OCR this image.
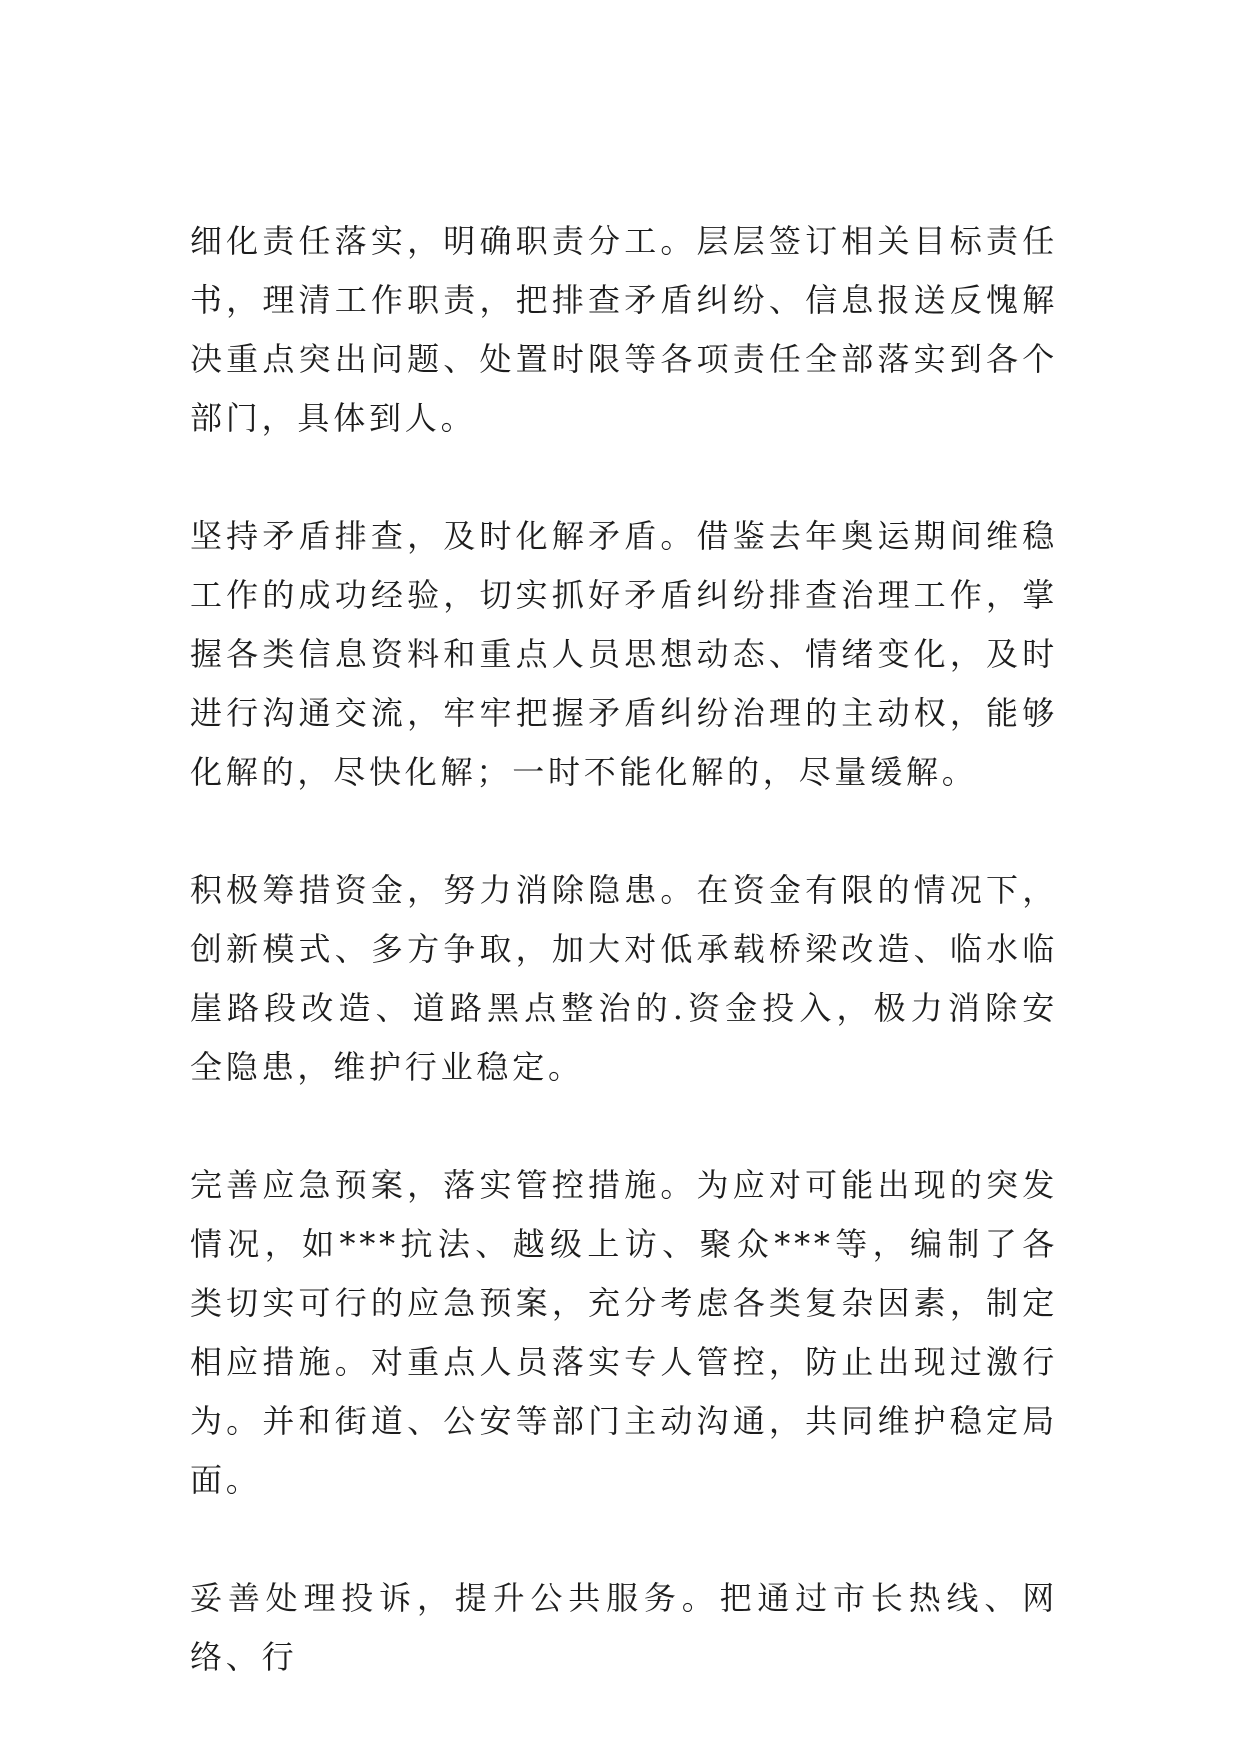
细化责任落实，明确职责分工。层层签订相关目标责任书，理清工作职责，把排查矛盾纠纷、信息报送反愧解决重点突出问题、处置时限等各项责任全部落实到各个部门，具体到人。

坚持矛盾排查，及时化解矛盾。借鉴去年奥运期间维稳工作的成功经验，切实抓好矛盾纠纷排查治理工作，掌握各类信息资料和重点人员思想动态、情绪变化，及时进行沟通交流，牢牢把握矛盾纠纷治理的主动权，能够化解的，尽快化解；一时不能化解的，尽量缓解。

积极筹措资金，努力消除隐患。在资金有限的情况下，创新模式、多方争取，加大对低承载桥梁改造、临水临崖路段改造、道路黑点整治的.资金投入，极力消除安全隐患，维护行业稳定。

完善应急预案，落实管控措施。为应对可能出现的突发情况，如***抗法、越级上访、聚众***等，编制了各类切实可行的应急预案，充分考虑各类复杂因素，制定相应措施。对重点人员落实专人管控，防止出现过激行为。并和街道、公安等部门主动沟通，共同维护稳定局面。

妥善处理投诉，提升公共服务。把通过市长热线、网络、行
